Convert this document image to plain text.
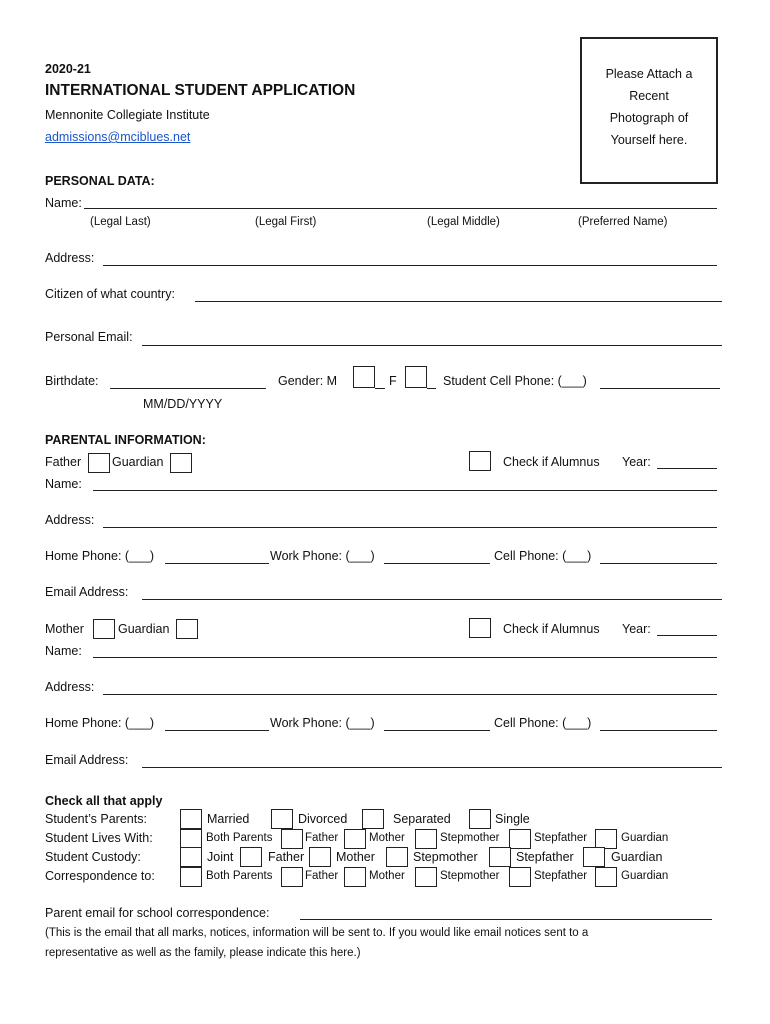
2020-21
INTERNATIONAL STUDENT APPLICATION
Mennonite Collegiate Institute
admissions@mciblues.net
Please Attach a
Recent
Photograph of
Yourself here.
PERSONAL DATA:
Name:
(Legal Last)	(Legal First)	(Legal Middle)	(Preferred Name)
Address:
Citizen of what country:
Personal Email:
Birthdate:
MM/DD/YYYY
Gender: M	F	Student Cell Phone: (___)
PARENTAL INFORMATION:
Father Guardian	Check if Alumnus Year:
Name:
Address:
Home Phone: (___)	Work Phone: (___)	Cell Phone: (___)
Email Address:
Mother	Guardian	Check if Alumnus Year:
Name:
Address:
Home Phone: (___)	Work Phone: (___)	Cell Phone: (___)
Email Address:
Check all that apply
Student’s Parents:	Married	Divorced	Separated	Single
Student Lives With:	Both Parents	Father	Mother	Stepmother	Stepfather	Guardian
Student Custody:	Joint	Father	Mother	Stepmother	Stepfather	Guardian
Correspondence to:	Both Parents	Father	Mother	Stepmother	Stepfather	Guardian
Parent email for school correspondence:
(This is the email that all marks, notices, information will be sent to. If you would like email notices sent to a
representative as well as the family, please indicate this here.)
